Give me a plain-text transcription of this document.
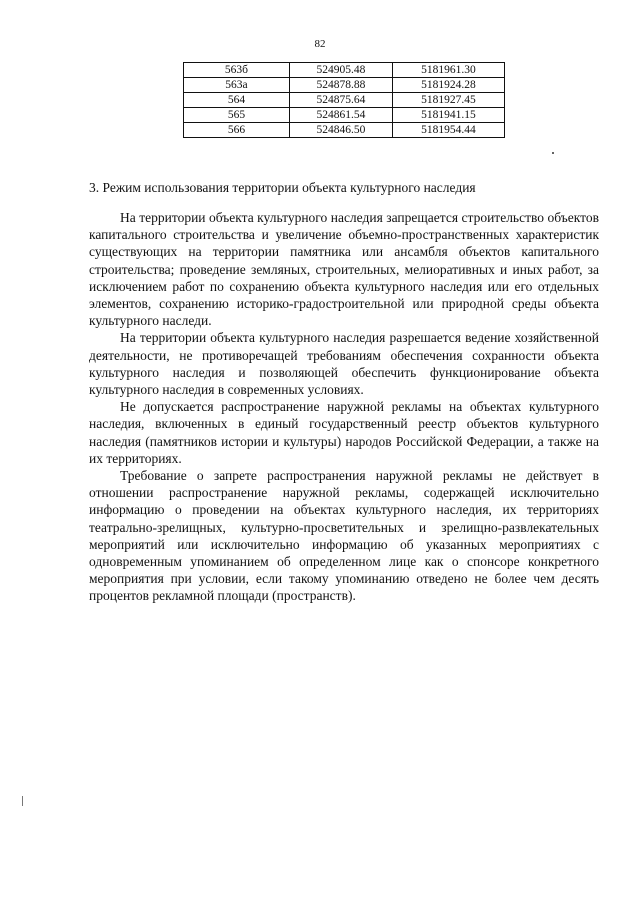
82
563б	524905.48	5181961.30
563а	524878.88	5181924.28
564	524875.64	5181927.45
565	524861.54	5181941.15
566	524846.50	5181954.44
3. Режим использования территории объекта культурного наследия

На территории объекта культурного наследия запрещается строительство объектов капитального строительства и увеличение объемно-пространственных характеристик существующих на территории памятника или ансамбля объектов капитального строительства; проведение земляных, строительных, мелиоративных и иных работ, за исключением работ по сохранению объекта культурного наследия или его отдельных элементов, сохранению историко-градостроительной или природной среды объекта культурного наследи.

На территории объекта культурного наследия разрешается ведение хозяйственной деятельности, не противоречащей требованиям обеспечения сохранности объекта культурного наследия и позволяющей обеспечить функционирование объекта культурного наследия в современных условиях.

Не допускается распространение наружной рекламы на объектах культурного наследия, включенных в единый государственный реестр объектов культурного наследия (памятников истории и культуры) народов Российской Федерации, а также на их территориях.

Требование о запрете распространения наружной рекламы не действует в отношении распространение наружной рекламы, содержащей исключительно информацию о проведении на объектах культурного наследия, их территориях театрально-зрелищных, культурно-просветительных и зрелищно-развлекательных мероприятий или исключительно информацию об указанных мероприятиях с одновременным упоминанием об определенном лице как о спонсоре конкретного мероприятия при условии, если такому упоминанию отведено не более чем десять процентов рекламной площади (пространств).
